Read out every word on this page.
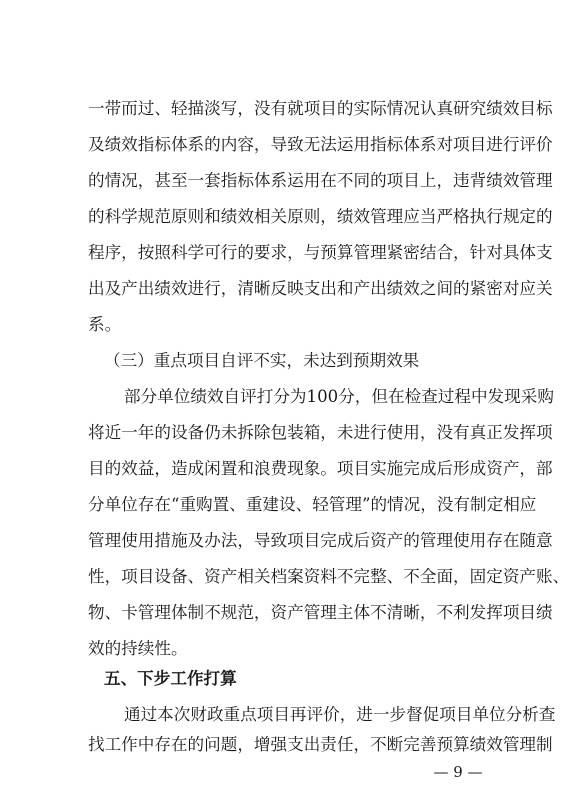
一带而过、轻描淡写，没有就项目的实际情况认真研究绩效目标
及绩效指标体系的内容，导致无法运用指标体系对项目进行评价
的情况，甚至一套指标体系运用在不同的项目上，违背绩效管理
的科学规范原则和绩效相关原则，绩效管理应当严格执行规定的
程序，按照科学可行的要求，与预算管理紧密结合，针对具体支
出及产出绩效进行，清晰反映支出和产出绩效之间的紧密对应关
系。
（三）重点项目自评不实，未达到预期效果
部分单位绩效自评打分为100分，但在检查过程中发现采购
将近一年的设备仍未拆除包装箱，未进行使用，没有真正发挥项
目的效益，造成闲置和浪费现象。项目实施完成后形成资产，部
分单位存在“重购置、重建设、轻管理”的情况，没有制定相应
管理使用措施及办法，导致项目完成后资产的管理使用存在随意
性，项目设备、资产相关档案资料不完整、不全面，固定资产账、
物、卡管理体制不规范，资产管理主体不清晰，不利发挥项目绩
效的持续性。
五、下步工作打算
通过本次财政重点项目再评价，进一步督促项目单位分析查
找工作中存在的问题，增强支出责任，不断完善预算绩效管理制
— 9 —
